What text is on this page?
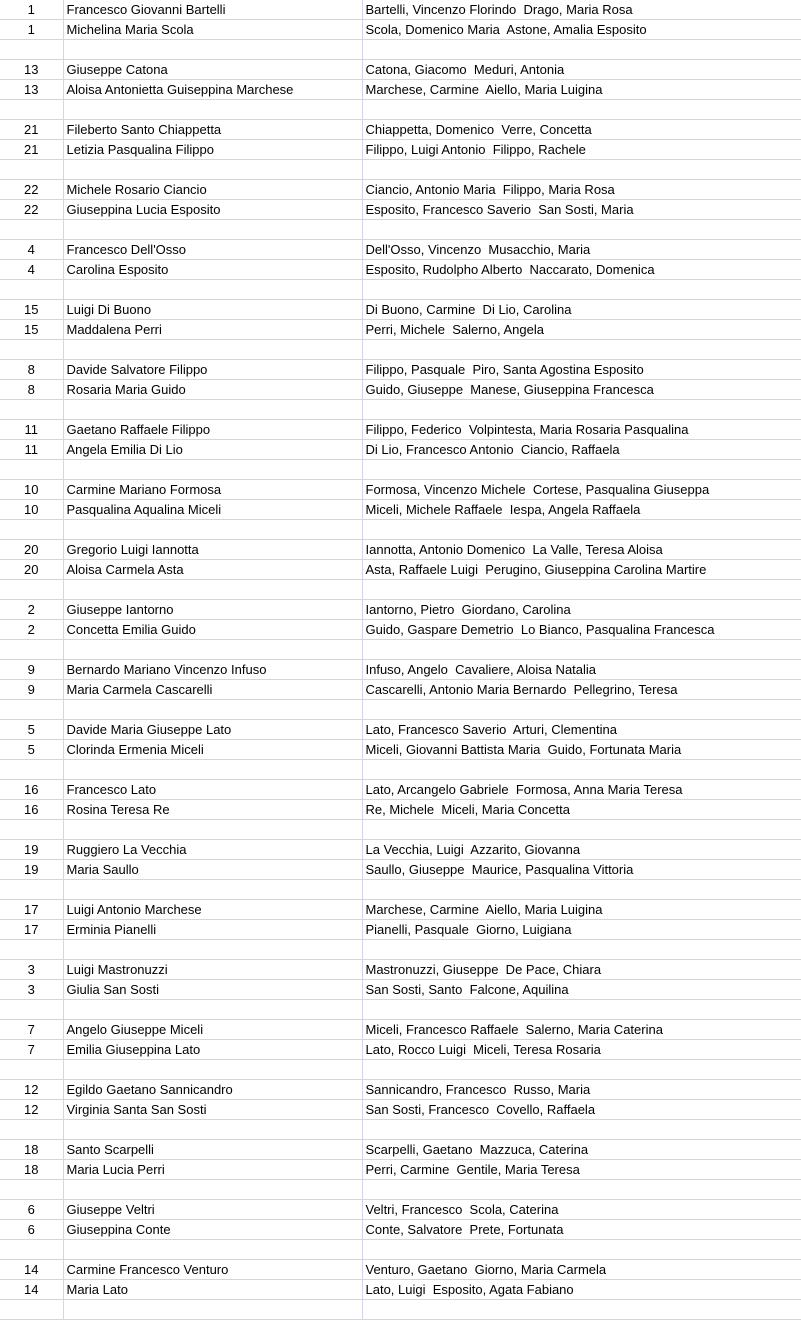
1	Francesco Giovanni Bartelli	Bartelli, Vincenzo Florindo  Drago, Maria Rosa
1	Michelina Maria Scola	Scola, Domenico Maria  Astone, Amalia Esposito

13	Giuseppe Catona	Catona, Giacomo  Meduri, Antonia
13	Aloisa Antonietta Guiseppina Marchese	Marchese, Carmine  Aiello, Maria Luigina

21	Fileberto Santo Chiappetta	Chiappetta, Domenico  Verre, Concetta
21	Letizia Pasqualina Filippo	Filippo, Luigi Antonio  Filippo, Rachele

22	Michele Rosario Ciancio	Ciancio, Antonio Maria  Filippo, Maria Rosa
22	Giuseppina Lucia Esposito	Esposito, Francesco Saverio  San Sosti, Maria

4	Francesco Dell'Osso	Dell'Osso, Vincenzo  Musacchio, Maria
4	Carolina Esposito	Esposito, Rudolpho Alberto  Naccarato, Domenica

15	Luigi Di Buono	Di Buono, Carmine  Di Lio, Carolina
15	Maddalena Perri	Perri, Michele  Salerno, Angela

8	Davide Salvatore Filippo	Filippo, Pasquale  Piro, Santa Agostina Esposito
8	Rosaria Maria Guido	Guido, Giuseppe  Manese, Giuseppina Francesca

11	Gaetano Raffaele Filippo	Filippo, Federico  Volpintesta, Maria Rosaria Pasqualina
11	Angela Emilia Di Lio	Di Lio, Francesco Antonio  Ciancio, Raffaela

10	Carmine Mariano Formosa	Formosa, Vincenzo Michele  Cortese, Pasqualina Giuseppa
10	Pasqualina Aqualina Miceli	Miceli, Michele Raffaele  Iespa, Angela Raffaela

20	Gregorio Luigi Iannotta	Iannotta, Antonio Domenico  La Valle, Teresa Aloisa
20	Aloisa Carmela Asta	Asta, Raffaele Luigi  Perugino, Giuseppina Carolina Martire

2	Giuseppe Iantorno	Iantorno, Pietro  Giordano, Carolina
2	Concetta Emilia Guido	Guido, Gaspare Demetrio  Lo Bianco, Pasqualina Francesca

9	Bernardo Mariano Vincenzo Infuso	Infuso, Angelo  Cavaliere, Aloisa Natalia
9	Maria Carmela Cascarelli	Cascarelli, Antonio Maria Bernardo  Pellegrino, Teresa

5	Davide Maria Giuseppe Lato	Lato, Francesco Saverio  Arturi, Clementina
5	Clorinda Ermenia Miceli	Miceli, Giovanni Battista Maria  Guido, Fortunata Maria

16	Francesco Lato	Lato, Arcangelo Gabriele  Formosa, Anna Maria Teresa
16	Rosina Teresa Re	Re, Michele  Miceli, Maria Concetta

19	Ruggiero La Vecchia	La Vecchia, Luigi  Azzarito, Giovanna
19	Maria Saullo	Saullo, Giuseppe  Maurice, Pasqualina Vittoria

17	Luigi Antonio Marchese	Marchese, Carmine  Aiello, Maria Luigina
17	Erminia Pianelli	Pianelli, Pasquale  Giorno, Luigiana

3	Luigi Mastronuzzi	Mastronuzzi, Giuseppe  De Pace, Chiara
3	Giulia San Sosti	San Sosti, Santo  Falcone, Aquilina

7	Angelo Giuseppe Miceli	Miceli, Francesco Raffaele  Salerno, Maria Caterina
7	Emilia Giuseppina Lato	Lato, Rocco Luigi  Miceli, Teresa Rosaria

12	Egildo Gaetano Sannicandro	Sannicandro, Francesco  Russo, Maria
12	Virginia Santa San Sosti	San Sosti, Francesco  Covello, Raffaela

18	Santo Scarpelli	Scarpelli, Gaetano  Mazzuca, Caterina
18	Maria Lucia Perri	Perri, Carmine  Gentile, Maria Teresa

6	Giuseppe Veltri	Veltri, Francesco  Scola, Caterina
6	Giuseppina Conte	Conte, Salvatore  Prete, Fortunata

14	Carmine Francesco Venturo	Venturo, Gaetano  Giorno, Maria Carmela
14	Maria Lato	Lato, Luigi  Esposito, Agata Fabiano
